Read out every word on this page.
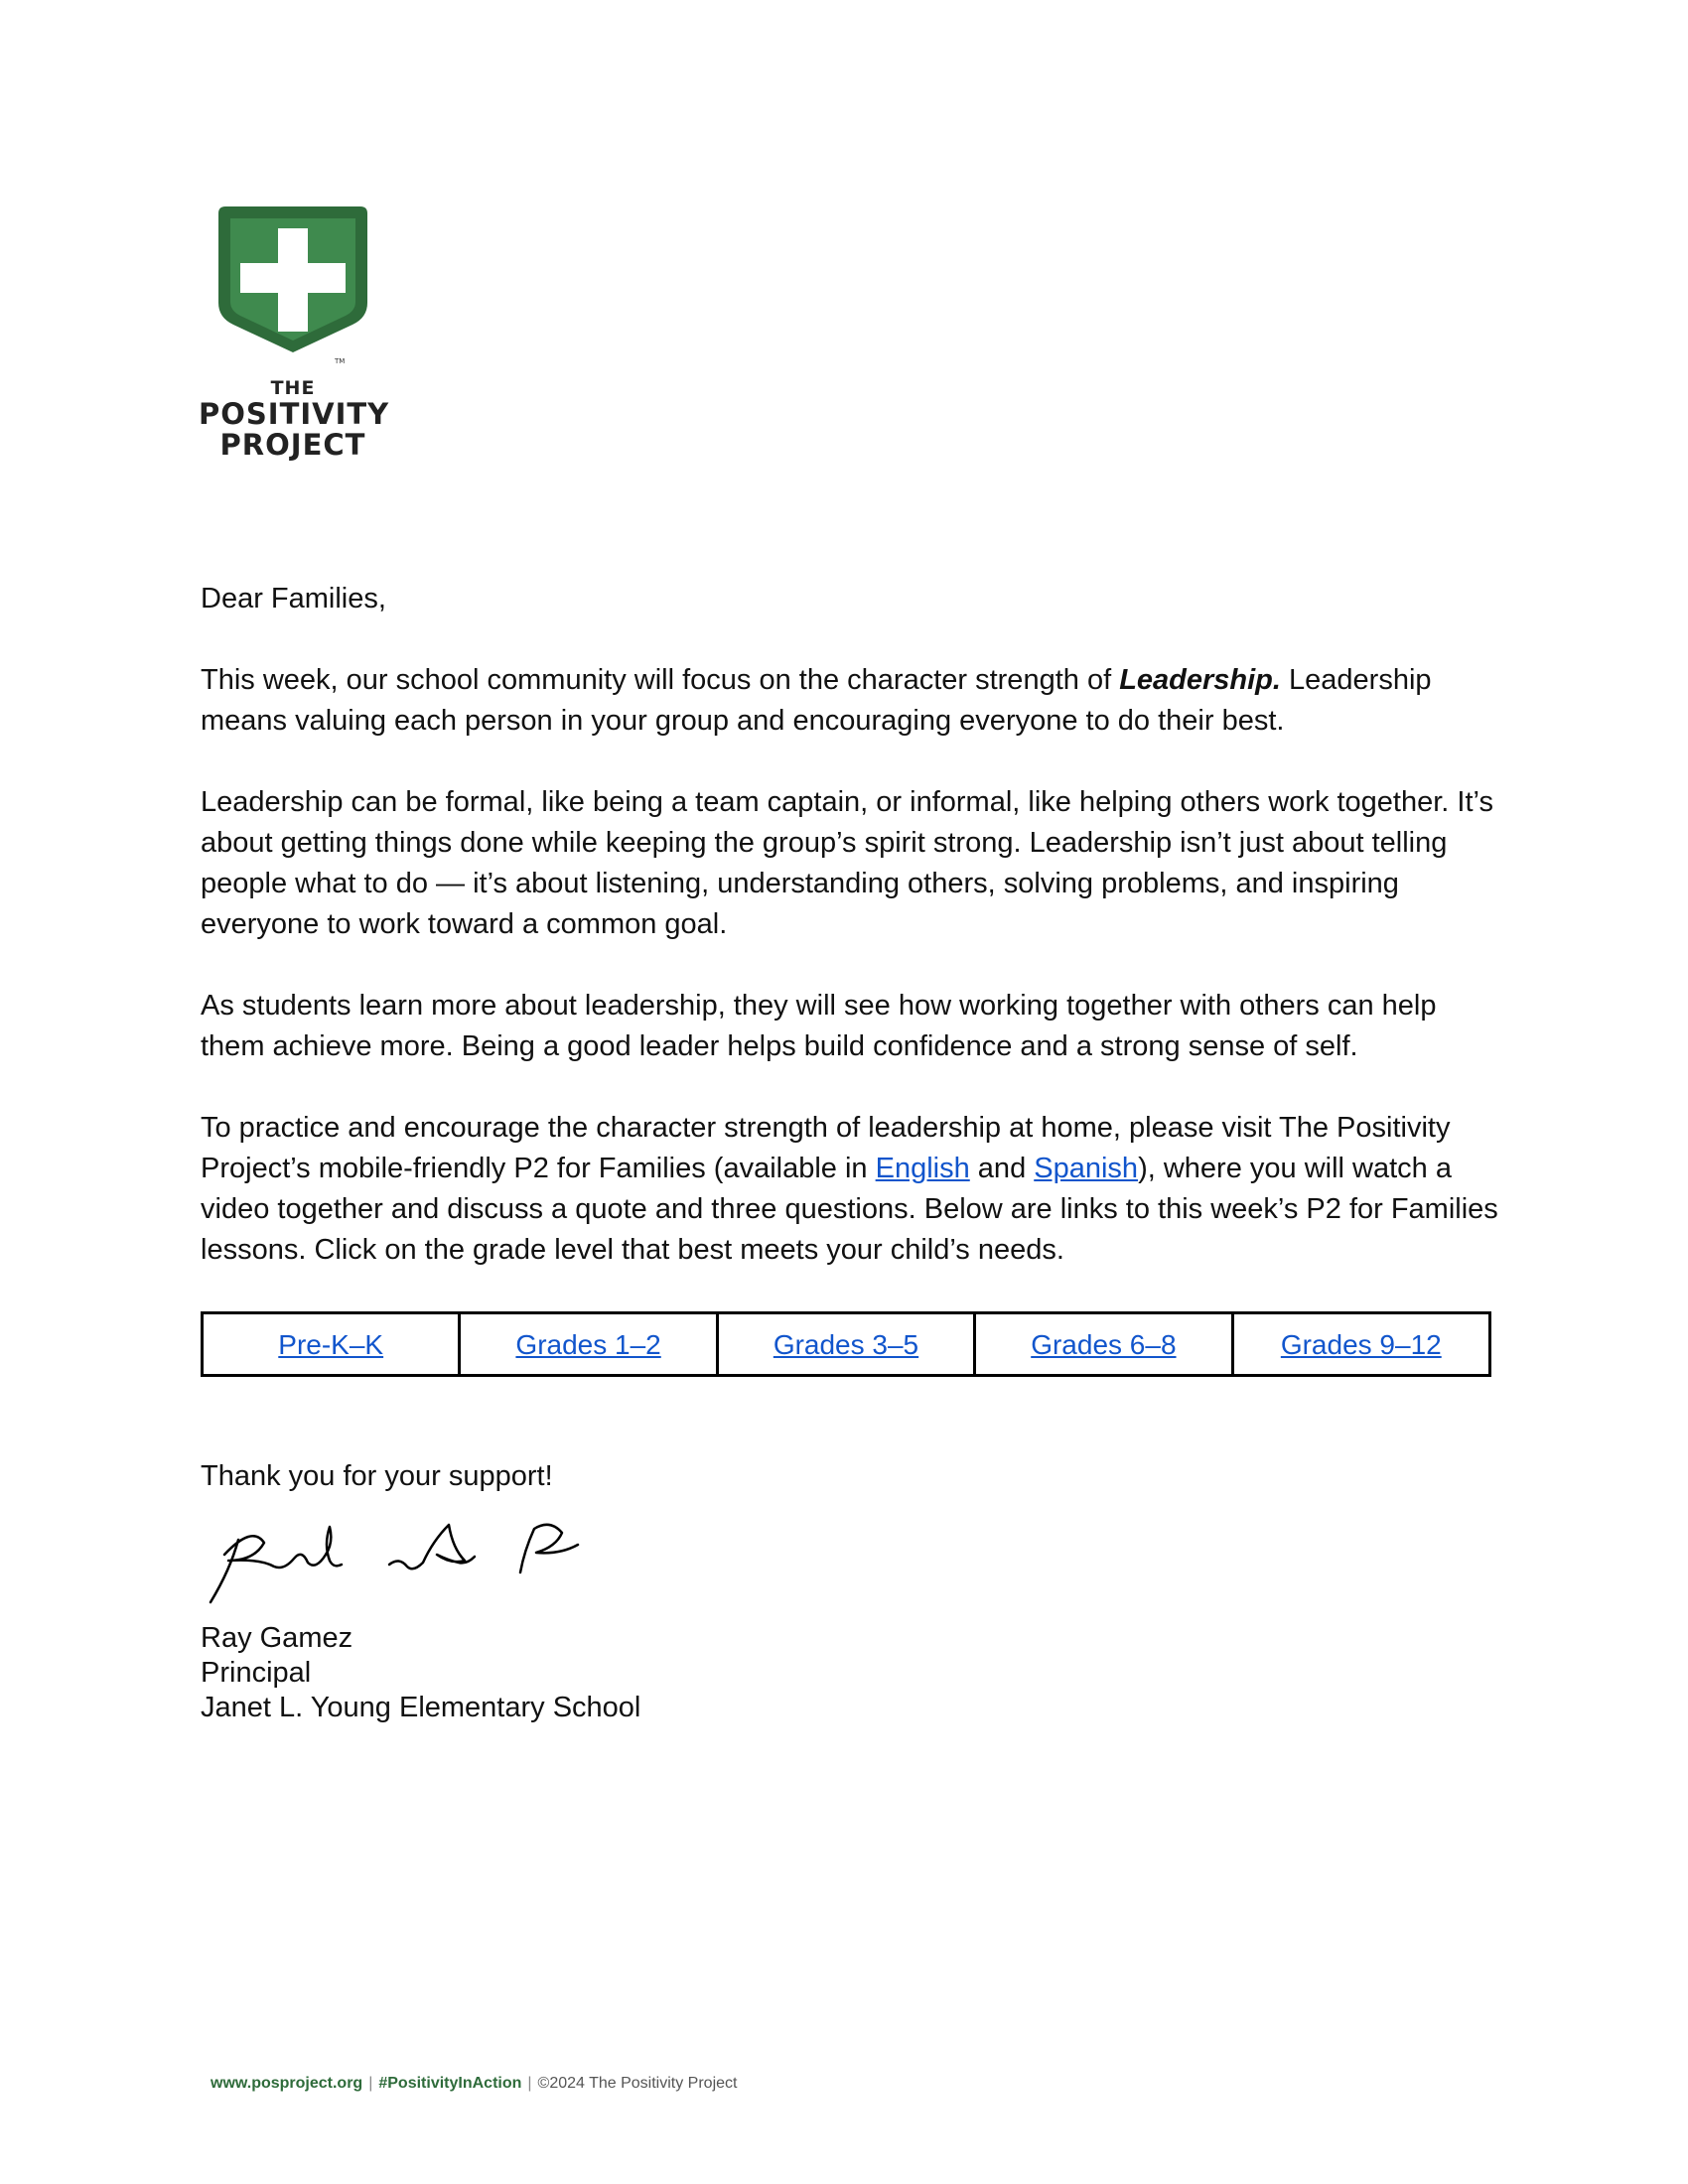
TM
THE
POSITIVITY
PROJECT

Dear Families,

This week, our school community will focus on the character strength of Leadership. Leadership means valuing each person in your group and encouraging everyone to do their best.

Leadership can be formal, like being a team captain, or informal, like helping others work together. It’s about getting things done while keeping the group’s spirit strong. Leadership isn’t just about telling people what to do — it’s about listening, understanding others, solving problems, and inspiring everyone to work toward a common goal.

As students learn more about leadership, they will see how working together with others can help them achieve more. Being a good leader helps build confidence and a strong sense of self.

To practice and encourage the character strength of leadership at home, please visit The Positivity Project’s mobile-friendly P2 for Families (available in English and Spanish), where you will watch a video together and discuss a quote and three questions. Below are links to this week’s P2 for Families lessons. Click on the grade level that best meets your child’s needs.

Pre-K–K	Grades 1–2	Grades 3–5	Grades 6–8	Grades 9–12
Thank you for your support!
Ray Gamez
Principal
Janet L. Young Elementary School
www.posproject.org | #PositivityInAction | ©2024 The Positivity Project
